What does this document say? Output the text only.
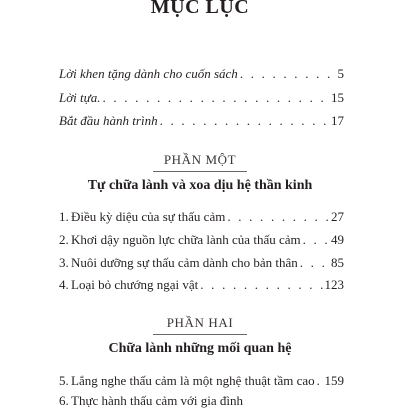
MỤC LỤC
Lời khen tặng dành cho cuốn sách . . .	5
Lời tựa. . . .	15
Bắt đầu hành trình . . .	17
PHẦN MỘT
Tự chữa lành và xoa dịu hệ thần kinh
1. Điều kỳ diệu của sự thấu cảm . . .	27
2. Khơi dậy nguồn lực chữa lành của thấu cảm . . . 49
3. Nuôi dưỡng sự thấu cảm dành cho bản thân . . .	85
4. Loại bỏ chướng ngại vật . . .	123
PHẦN HAI
Chữa lành những mối quan hệ
5. Lắng nghe thấu cảm là một nghệ thuật tầm cao . . . 159
6. Thực hành thấu cảm với gia đình
